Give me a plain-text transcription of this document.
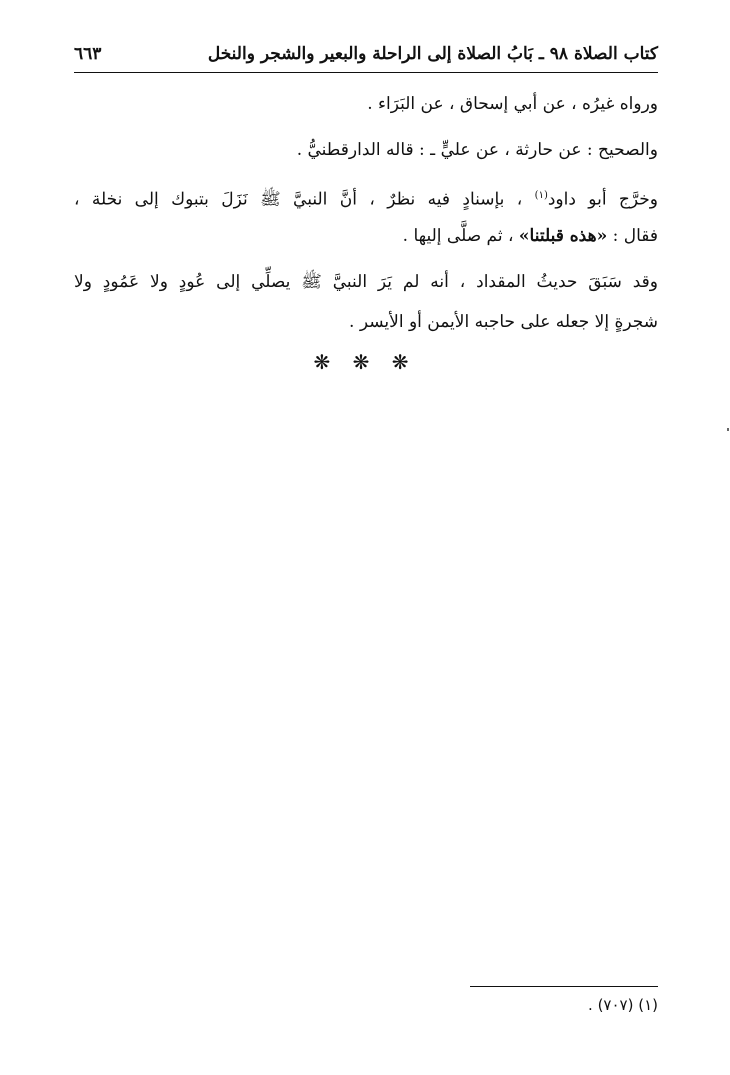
كتاب الصلاة ٩٨ ـ بَابُ الصلاة إلى الراحلة والبعير والشجر والنخل
٦٦٣
ورواه غيرُه ، عن أبي إسحاق ، عن البَرَاء .
والصحيح : عن حارثة ، عن عليٍّ ـ : قاله الدارقطنيُّ .
وخرَّج أبو داود$^{(١)}$ ، بإسنادٍ فيه نظرٌ ، أنَّ النبيَّ ﷺ نَزَلَ بتبوك إلى نخلة ،
فقال : «هذه قبلتنا» ، ثم صلَّى إليها .
وقد سَبَقَ حديثُ المقداد ، أنه لم يَرَ النبيَّ ﷺ يصلِّي إلى عُودٍ ولا عَمُودٍ ولا
شجرةٍ إلا جعله على حاجبه الأيمن أو الأيسر .
❋ ❋ ❋
(١) (٧٠٧) .
